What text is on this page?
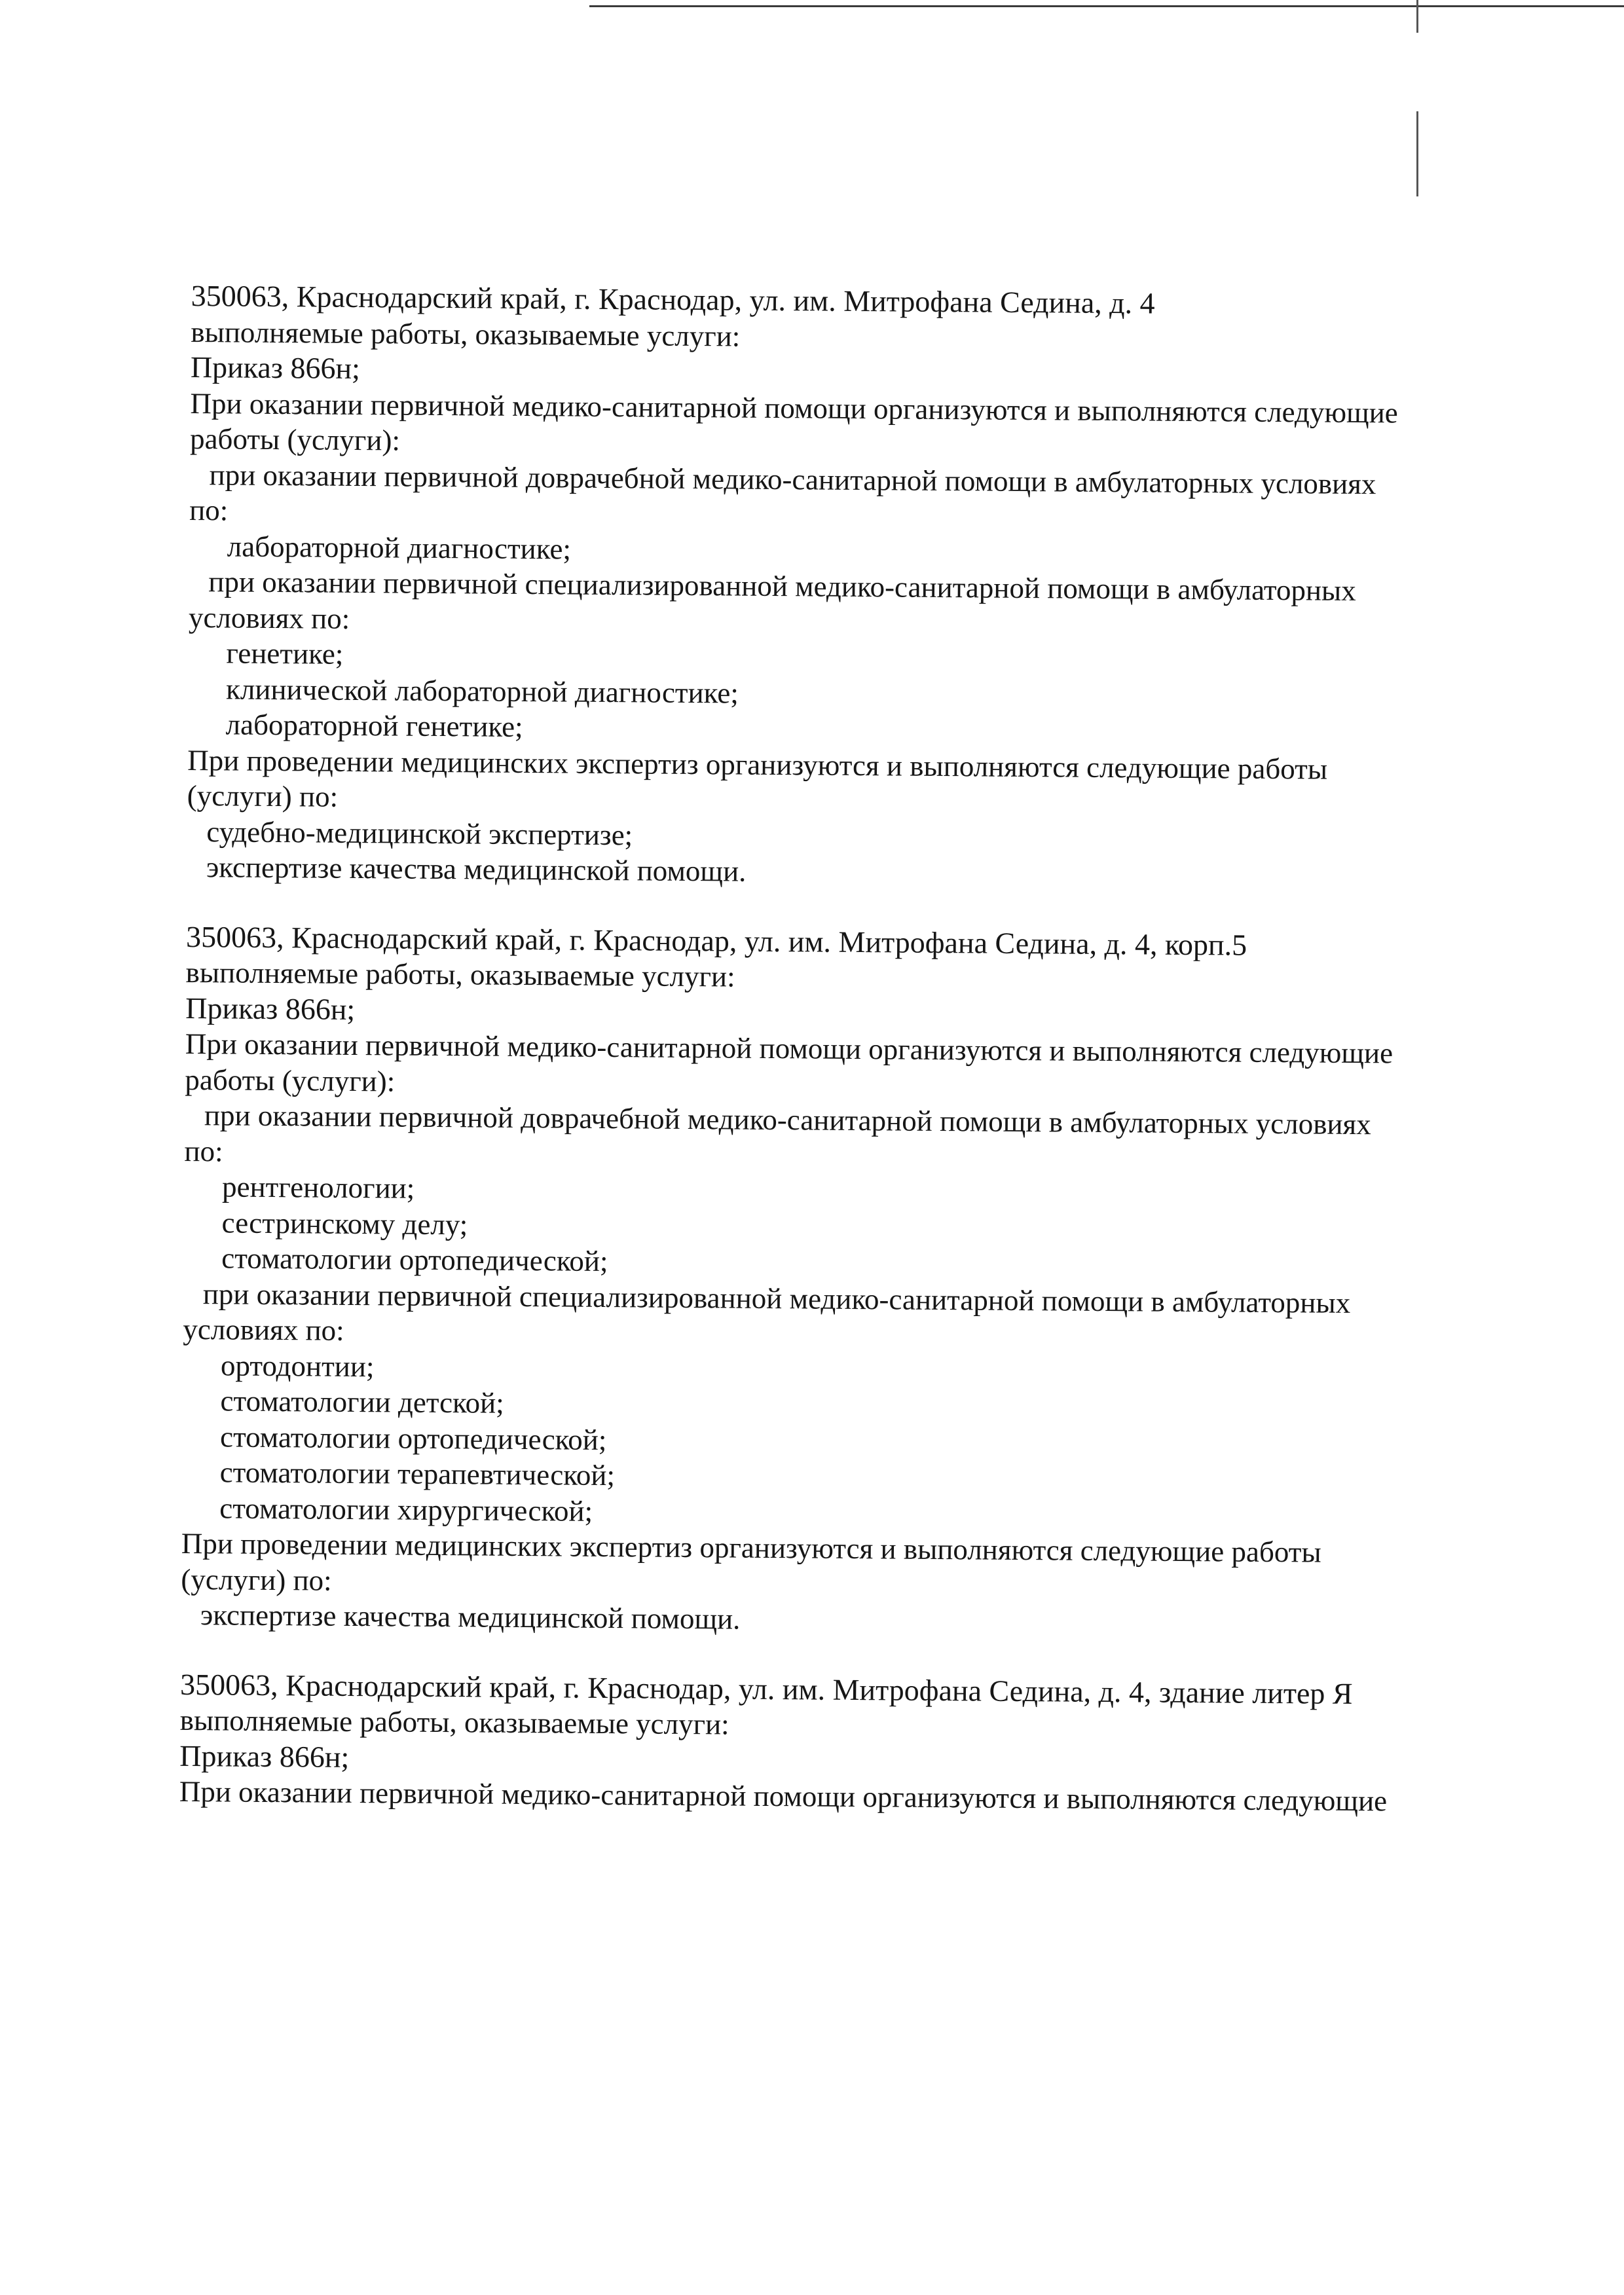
350063, Краснодарский край, г. Краснодар, ул. им. Митрофана Седина, д. 4
выполняемые работы, оказываемые услуги:
Приказ 866н;
При оказании первичной медико-санитарной помощи организуются и выполняются следующие
работы (услуги):
при оказании первичной доврачебной медико-санитарной помощи в амбулаторных условиях
по:
лабораторной диагностике;
при оказании первичной специализированной медико-санитарной помощи в амбулаторных
условиях по:
генетике;
клинической лабораторной диагностике;
лабораторной генетике;
При проведении медицинских экспертиз организуются и выполняются следующие работы
(услуги) по:
судебно-медицинской экспертизе;
экспертизе качества медицинской помощи.
350063, Краснодарский край, г. Краснодар, ул. им. Митрофана Седина, д. 4, корп.5
выполняемые работы, оказываемые услуги:
Приказ 866н;
При оказании первичной медико-санитарной помощи организуются и выполняются следующие
работы (услуги):
при оказании первичной доврачебной медико-санитарной помощи в амбулаторных условиях
по:
рентгенологии;
сестринскому делу;
стоматологии ортопедической;
при оказании первичной специализированной медико-санитарной помощи в амбулаторных
условиях по:
ортодонтии;
стоматологии детской;
стоматологии ортопедической;
стоматологии терапевтической;
стоматологии хирургической;
При проведении медицинских экспертиз организуются и выполняются следующие работы
(услуги) по:
экспертизе качества медицинской помощи.
350063, Краснодарский край, г. Краснодар, ул. им. Митрофана Седина, д. 4, здание литер Я
выполняемые работы, оказываемые услуги:
Приказ 866н;
При оказании первичной медико-санитарной помощи организуются и выполняются следующие
